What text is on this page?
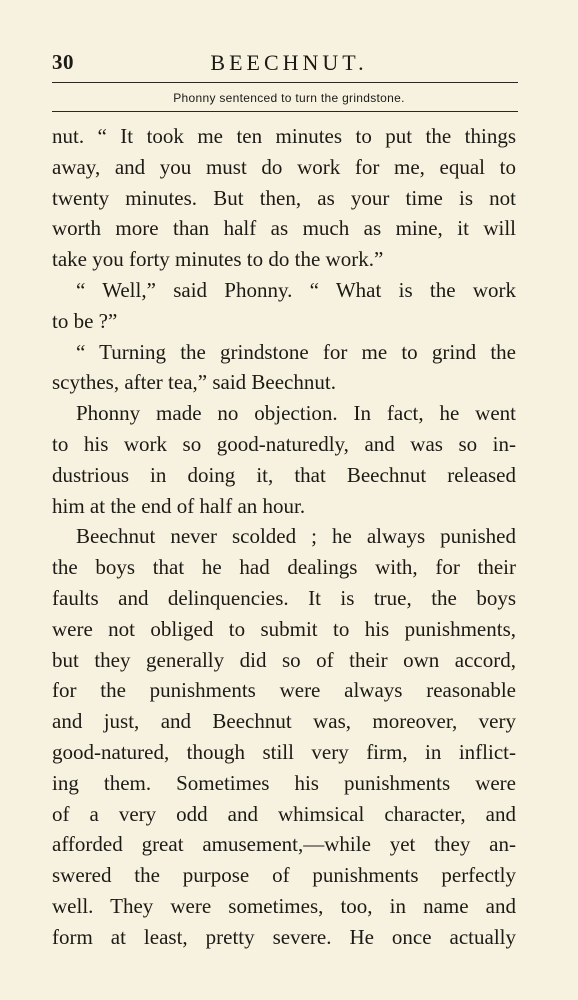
30	BEECHNUT.
Phonny sentenced to turn the grindstone.
nut. “ It took me ten minutes to put the things
away, and you must do work for me, equal to
twenty minutes. But then, as your time is not
worth more than half as much as mine, it will
take you forty minutes to do the work.”
“ Well,” said Phonny. “ What is the work
to be ?”
“ Turning the grindstone for me to grind the
scythes, after tea,” said Beechnut.
Phonny made no objection. In fact, he went
to his work so good-naturedly, and was so in-
dustrious in doing it, that Beechnut released
him at the end of half an hour.
Beechnut never scolded ; he always punished
the boys that he had dealings with, for their
faults and delinquencies. It is true, the boys
were not obliged to submit to his punishments,
but they generally did so of their own accord,
for the punishments were always reasonable
and just, and Beechnut was, moreover, very
good-natured, though still very firm, in inflict-
ing them. Sometimes his punishments were
of a very odd and whimsical character, and
afforded great amusement,—while yet they an-
swered the purpose of punishments perfectly
well. They were sometimes, too, in name and
form at least, pretty severe. He once actually
